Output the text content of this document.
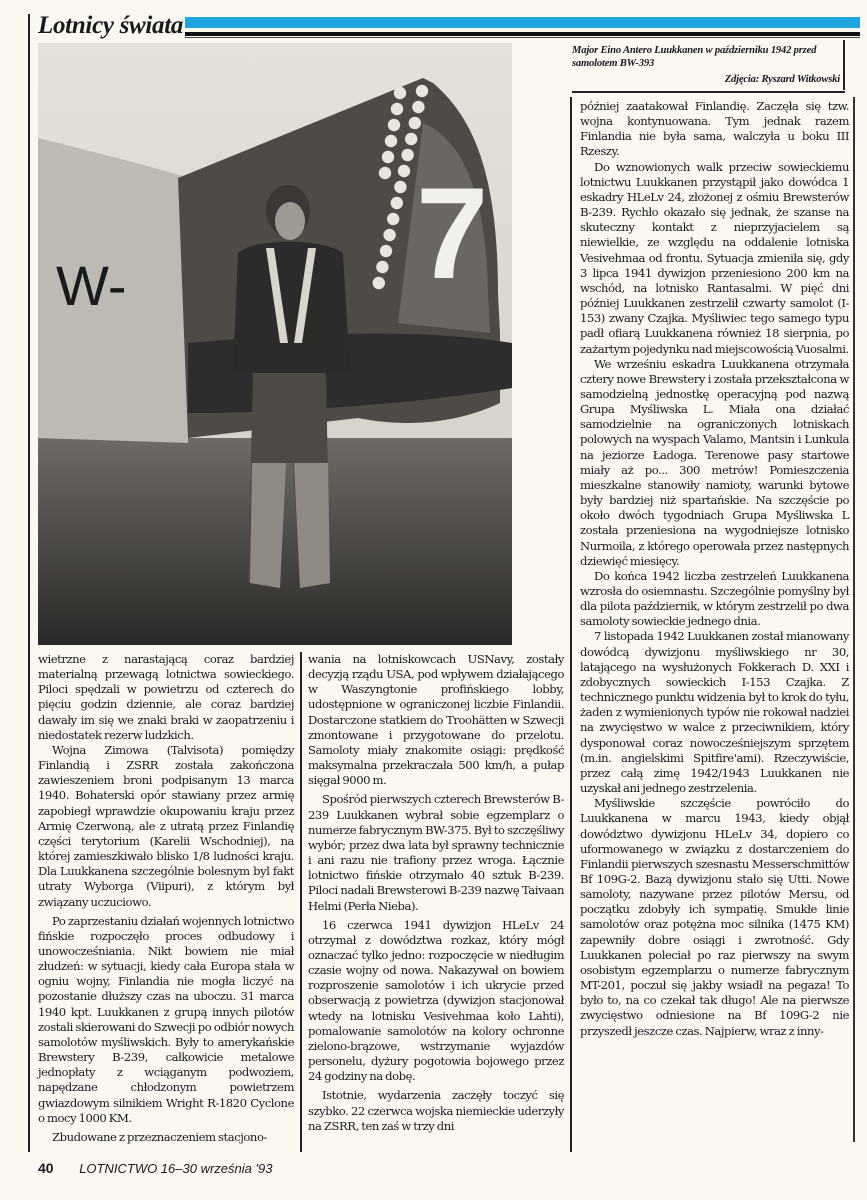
Lotnicy świata
W- 7
Major Eino Antero Luukkanen w październiku 1942 przed samolotem BW-393
Zdjęcia: Ryszard Witkowski

wietrzne z narastającą coraz bardziej materialną przewagą lotnictwa sowieckiego. Piloci spędzali w powietrzu od czterech do pięciu godzin dziennie, ale coraz bardziej dawały im się we znaki braki w zaopatrzeniu i niedostatek rezerw ludzkich.

Wojna Zimowa (Talvisota) pomiędzy Finlandią i ZSRR została zakończona zawieszeniem broni podpisanym 13 marca 1940. Bohaterski opór stawiany przez armię zapobiegł wprawdzie okupowaniu kraju przez Armię Czerwoną, ale z utratą przez Finlandię części terytorium (Karelii Wschodniej), na której zamieszkiwało blisko 1/8 ludności kraju. Dla Luukkanena szczególnie bolesnym byl fakt utraty Wyborga (Viipuri), z którym był związany uczuciowo.

Po zaprzestaniu działań wojennych lotnictwo fińskie rozpoczęło proces odbudowy i unowocześniania. Nikt bowiem nie miał złudzeń: w sytuacji, kiedy cała Europa stała w ogniu wojny, Finlandia nie mogła liczyć na pozostanie dłuższy czas na uboczu. 31 marca 1940 kpt. Luukkanen z grupą innych pilotów zostali skierowani do Szwecji po odbiór nowych samolotów myśliwskich. Były to amerykańskie Brewstery B-239, całkowicie metalowe jednopłaty z wciąganym podwoziem, napędzane chłodzonym powietrzem gwiazdowym silnikiem Wright R-1820 Cyclone o mocy 1000 KM.

Zbudowane z przeznaczeniem stacjono-

wania na lotniskowcach USNavy, zostały decyzją rządu USA, pod wpływem działającego w Waszyngtonie profińskiego lobby, udostępnione w ograniczonej liczbie Finlandii. Dostarczone statkiem do Troohätten w Szwecji zmontowane i przygotowane do przelotu. Samoloty miały znakomite osiągi: prędkość maksymalna przekraczała 500 km/h, a pułap sięgał 9000 m.

Spośród pierwszych czterech Brewsterów B-239 Luukkanen wybrał sobie egzemplarz o numerze fabrycznym BW-375. Był to szczęśliwy wybór; przez dwa lata był sprawny technicznie i ani razu nie trafiony przez wroga. Łącznie lotnictwo fińskie otrzymało 40 sztuk B-239. Piloci nadali Brewsterowi B-239 nazwę Taivaan Helmi (Perła Nieba).

16 czerwca 1941 dywizjon HLeLv 24 otrzymał z dowództwa rozkaz, który mógł oznaczać tylko jedno: rozpoczęcie w niedługim czasie wojny od nowa. Nakazywał on bowiem rozproszenie samolotów i ich ukrycie przed obserwacją z powietrza (dywizjon stacjonował wtedy na lotnisku Vesivehmaa koło Lahti), pomalowanie samolotów na kolory ochronne zielono-brązowe, wstrzymanie wyjazdów personelu, dyżury pogotowia bojowego przez 24 godziny na dobę.

Istotnie, wydarzenia zaczęły toczyć się szybko. 22 czerwca wojska niemieckie uderzyły na ZSRR, ten zaś w trzy dni

później zaatakował Finlandię. Zaczęła się tzw. wojna kontynuowana. Tym jednak razem Finlandia nie była sama, walczyła u boku III Rzeszy.

Do wznowionych walk przeciw sowieckiemu lotnictwu Luukkanen przystąpił jako dowódca 1 eskadry HLeLv 24, złożonej z ośmiu Brewsterów B-239. Rychło okazało się jednak, że szanse na skuteczny kontakt z nieprzyjacielem są niewielkie, ze względu na oddalenie lotniska Vesivehmaa od frontu. Sytuacja zmieniła się, gdy 3 lipca 1941 dywizjon przeniesiono 200 km na wschód, na lotnisko Rantasalmi. W pięć dni później Luukkanen zestrzelił czwarty samolot (I-153) zwany Czajka. Myśliwiec tego samego typu padł ofiarą Luukkanena również 18 sierpnia, po zażartym pojedynku nad miejscowością Vuosalmi.

We wrześniu eskadra Luukkanena otrzymała cztery nowe Brewstery i została przekształcona w samodzielną jednostkę operacyjną pod nazwą Grupa Myśliwska L. Miała ona działać samodzielnie na ograniczonych lotniskach polowych na wyspach Valamo, Mantsin i Lunkula na jeziorze Ładoga. Terenowe pasy startowe miały aż po... 300 metrów! Pomieszczenia mieszkalne stanowiły namioty, warunki bytowe były bardziej niż spartańskie. Na szczęście po około dwóch tygodniach Grupa Myśliwska L została przeniesiona na wygodniejsze lotnisko Nurmoila, z którego operowała przez następnych dziewięć miesięcy.

Do końca 1942 liczba zestrzeleń Luukkanena wzrosła do osiemnastu. Szczególnie pomyślny był dla pilota październik, w którym zestrzelił po dwa samoloty sowieckie jednego dnia.

7 listopada 1942 Luukkanen został mianowany dowódcą dywizjonu myśliwskiego nr 30, latającego na wysłużonych Fokkerach D. XXI i zdobycznych sowieckich I-153 Czajka. Z technicznego punktu widzenia był to krok do tyłu, żaden z wymienionych typów nie rokował nadziei na zwycięstwo w walce z przeciwnikiem, który dysponował coraz nowocześniejszym sprzętem (m.in. angielskimi Spitfire'ami). Rzeczywiście, przez całą zimę 1942/1943 Luukkanen nie uzyskał ani jednego zestrzelenia.

Myśliwskie szczęście powróciło do Luukkanena w marcu 1943, kiedy objął dowództwo dywizjonu HLeLv 34, dopiero co uformowanego w związku z dostarczeniem do Finlandii pierwszych szesnastu Messerschmittów Bf 109G-2. Bazą dywizjonu stało się Utti. Nowe samoloty, nazywane przez pilotów Mersu, od początku zdobyły ich sympatię. Smukłe linie samolotów oraz potężna moc silnika (1475 KM) zapewniły dobre osiągi i zwrotność. Gdy Luukkanen poleciał po raz pierwszy na swym osobistym egzemplarzu o numerze fabrycznym MT-201, poczuł się jakby wsiadł na pegaza! To było to, na co czekał tak długo! Ale na pierwsze zwycięstwo odniesione na Bf 109G-2 nie przyszedł jeszcze czas. Najpierw, wraz z inny-

40 LOTNICTWO 16–30 września '93
